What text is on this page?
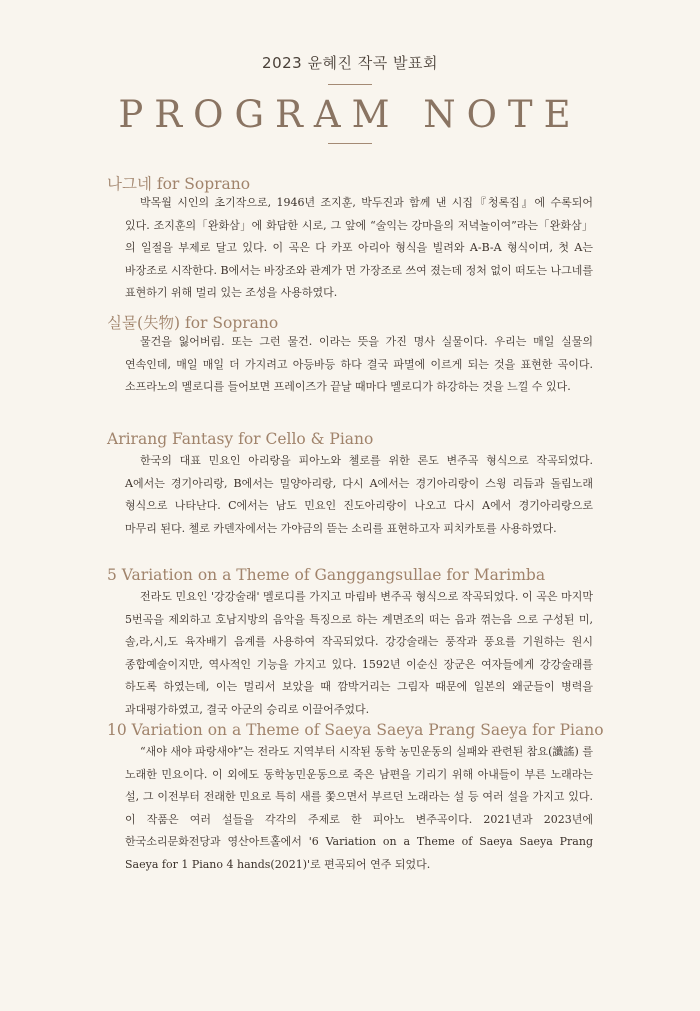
2023 윤혜진 작곡 발표회
PROGRAM NOTE
나그네 for Soprano
박목월 시인의 초기작으로, 1946년 조지훈, 박두진과 함께 낸 시집『청록집』에 수록되어 있다. 조지훈의「완화삼」에 화답한 시로, 그 앞에 “술익는 강마을의 저녁놀이여”라는「완화삼」의 일절을 부제로 달고 있다. 이 곡은 다 카포 아리아 형식을 빌려와 A-B-A 형식이며, 첫 A는 바장조로 시작한다. B에서는 바장조와 관계가 먼 가장조로 쓰여 졌는데 정처 없이 떠도는 나그네를 표현하기 위해 멀리 있는 조성을 사용하였다.
실물(失物) for Soprano
물건을 잃어버림. 또는 그런 물건. 이라는 뜻을 가진 명사 실물이다. 우리는 매일 실물의 연속인데, 매일 매일 더 가지려고 아등바등 하다 결국 파멸에 이르게 되는 것을 표현한 곡이다. 소프라노의 멜로디를 들어보면 프레이즈가 끝날 때마다 멜로디가 하강하는 것을 느낄 수 있다.
Arirang Fantasy for Cello & Piano
한국의 대표 민요인 아리랑을 피아노와 첼로를 위한 론도 변주곡 형식으로 작곡되었다. A에서는 경기아리랑, B에서는 밀양아리랑, 다시 A에서는 경기아리랑이 스윙 리듬과 돌림노래 형식으로 나타난다. C에서는 남도 민요인 진도아리랑이 나오고 다시 A에서 경기아리랑으로 마무리 된다. 첼로 카덴자에서는 가야금의 뜯는 소리를 표현하고자 피치카토를 사용하였다.
5 Variation on a Theme of Ganggangsullae for Marimba
전라도 민요인 '강강술래' 멜로디를 가지고 마림바 변주곡 형식으로 작곡되었다. 이 곡은 마지막 5번곡을 제외하고 호남지방의 음악을 특징으로 하는 계면조의 떠는 음과 꺾는음 으로 구성된 미,솔,라,시,도 육자배기 음계를 사용하여 작곡되었다. 강강술래는 풍작과 풍요를 기원하는 원시 종합예술이지만, 역사적인 기능을 가지고 있다. 1592년 이순신 장군은 여자들에게 강강술래를 하도록 하였는데, 이는 멀리서 보았을 때 깜박거리는 그림자 때문에 일본의 왜군들이 병력을 과대평가하였고, 결국 아군의 승리로 이끌어주었다.
10 Variation on a Theme of Saeya Saeya Prang Saeya for Piano
“새야 새야 파랑새야”는 전라도 지역부터 시작된 동학 농민운동의 실패와 관련된 참요(讖謠) 를 노래한 민요이다. 이 외에도 동학농민운동으로 죽은 남편을 기리기 위해 아내들이 부른 노래라는 설, 그 이전부터 전래한 민요로 특히 새를 쫓으면서 부르던 노래라는 설 등 여러 설을 가지고 있다. 이 작품은 여러 설들을 각각의 주제로 한 피아노 변주곡이다. 2021년과 2023년에 한국소리문화전당과 영산아트홀에서 '6 Variation on a Theme of Saeya Saeya Prang Saeya for 1 Piano 4 hands(2021)'로 편곡되어 연주 되었다.
